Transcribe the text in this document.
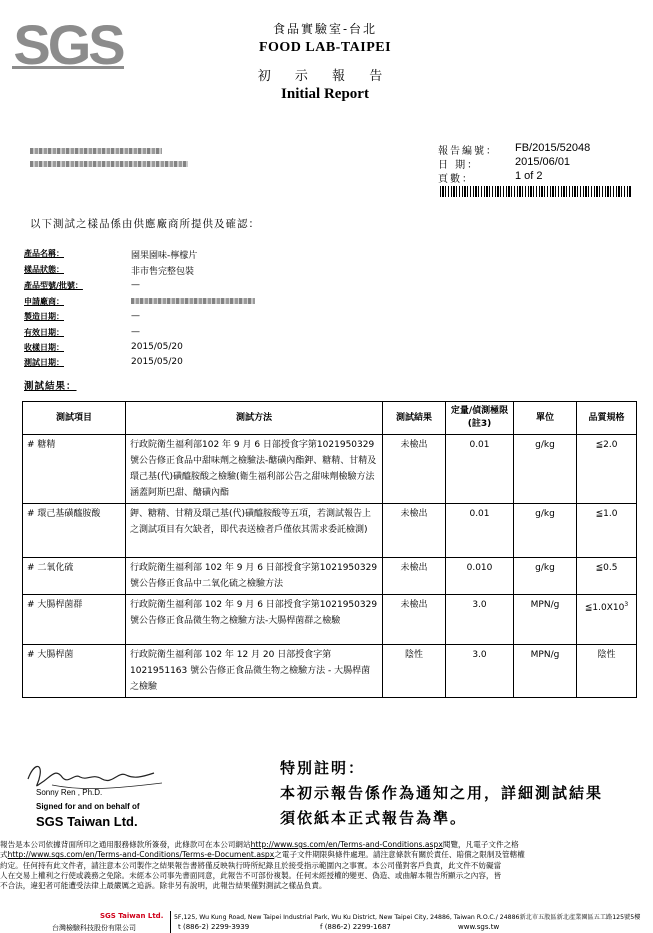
SGS	食品實驗室-台北
FOOD LAB-TAIPEI
初 示 報 告
Initial Report
報告編號：	FB/2015/52048
日 期：	2015/06/01
頁數：	1 of 2
以下測試之樣品係由供應廠商所提供及確認：
產品名稱：	園果園味-檸檬片
樣品狀態：	非市售完整包裝
產品型號/批號：	—
申請廠商：
製造日期：	—
有效日期：	—
收樣日期：	2015/05/20
測試日期：	2015/05/20
測試結果：
測試項目	測試方法	測試結果	定量/偵測極限(註3)	單位	品質規格
# 糖精	行政院衛生福利部102 年 9 月 6 日部授食字第1021950329 號公告修正食品中甜味劑之檢驗法-醣磺內酯鉀、糖精、甘精及環己基(代)磺醯胺酸之檢驗(衛生福利部公告之甜味劑檢驗方法涵蓋阿斯巴甜、醣磺內酯	未檢出	0.01	g/kg	≦2.0
# 環己基磺醯胺酸	鉀、糖精、甘精及環己基(代)磺醯胺酸等五項，若測試報告上之測試項目有欠缺者，即代表送檢者戶僅依其需求委託檢測)	未檢出	0.01	g/kg	≦1.0
# 二氧化硫	行政院衛生福利部 102 年 9 月 6 日部授食字第1021950329 號公告修正食品中二氧化硫之檢驗方法	未檢出	0.010	g/kg	≦0.5
# 大腸桿菌群	行政院衛生福利部 102 年 9 月 6 日部授食字第1021950329 號公告修正食品微生物之檢驗方法-大腸桿菌群之檢驗	未檢出	3.0	MPN/g	$≦1.0X10^3$
# 大腸桿菌	行政院衛生福利部 102 年 12 月 20 日部授食字第1021951163 號公告修正食品微生物之檢驗方法 - 大腸桿菌之檢驗	陰性	3.0	MPN/g	陰性
Sonny Ren , Ph.D.
Signed for and on behalf of
SGS Taiwan Ltd.
特別註明：
本初示報告係作為通知之用，詳細測試結果
須依紙本正式報告為準。
報告是本公司依據背面所印之通用服務條款所簽發，此條款可在本公司網站http://www.sgs.com/en/Terms-and-Conditions.aspx閱覽，凡電子文件之格
式http://www.sgs.com/en/Terms-and-Conditions/Terms-e-Document.aspx之電子文件期限與條件處理。請注意條款有關於責任、賠償之限制及管轄權
約定。任何持有此文件者，請注意本公司製作之結果報告書將僅反映執行時所紀錄且於接受指示範圍內之事實。本公司僅對客戶負責，此文件不妨礙當
人在交易上權利之行使或義務之免除。未經本公司事先書面同意，此報告不可部份複製。任何未經授權的變更、偽造、或曲解本報告所顯示之內容，皆
不合法，違犯者可能遭受法律上最嚴厲之追訴。除非另有說明，此報告結果僅對測試之樣品負責。
SGS Taiwan Ltd.
台灣檢驗科技股份有限公司
5F,125, Wu Kung Road, New Taipei Industrial Park, Wu Ku District, New Taipei City, 24886, Taiwan R.O.C./ 24886新北市五股區新北產業園區五工路125號5樓
t (886-2) 2299-3939	f (886-2) 2299-1687	www.sgs.tw
